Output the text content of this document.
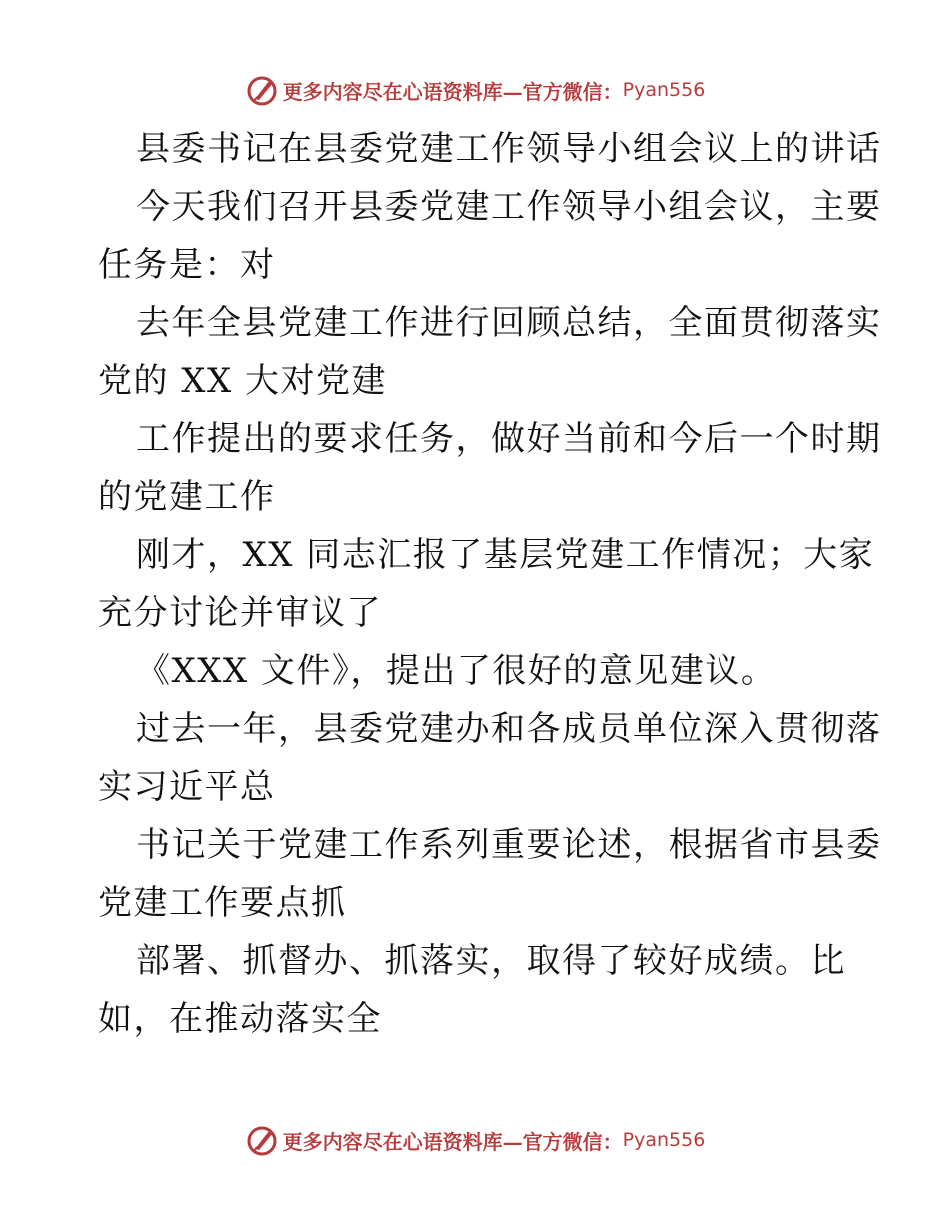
更多内容尽在心语资料库— 官方微信： Pyan556
县委书记在县委党建工作领导小组会议上的讲话
今天我们召开县委党建工作领导小组会议，主要
任务是：对
去年全县党建工作进行回顾总结，全面贯彻落实
党的 XX 大对党建
工作提出的要求任务，做好当前和今后一个时期
的党建工作
刚才，XX 同志汇报了基层党建工作情况；大家
充分讨论并审议了
《XXX 文件》，提出了很好的意见建议。
过去一年，县委党建办和各成员单位深入贯彻落
实习近平总
书记关于党建工作系列重要论述，根据省市县委
党建工作要点抓
部署、抓督办、抓落实，取得了较好成绩。比
如，在推动落实全
更多内容尽在心语资料库— 官方微信： Pyan556
